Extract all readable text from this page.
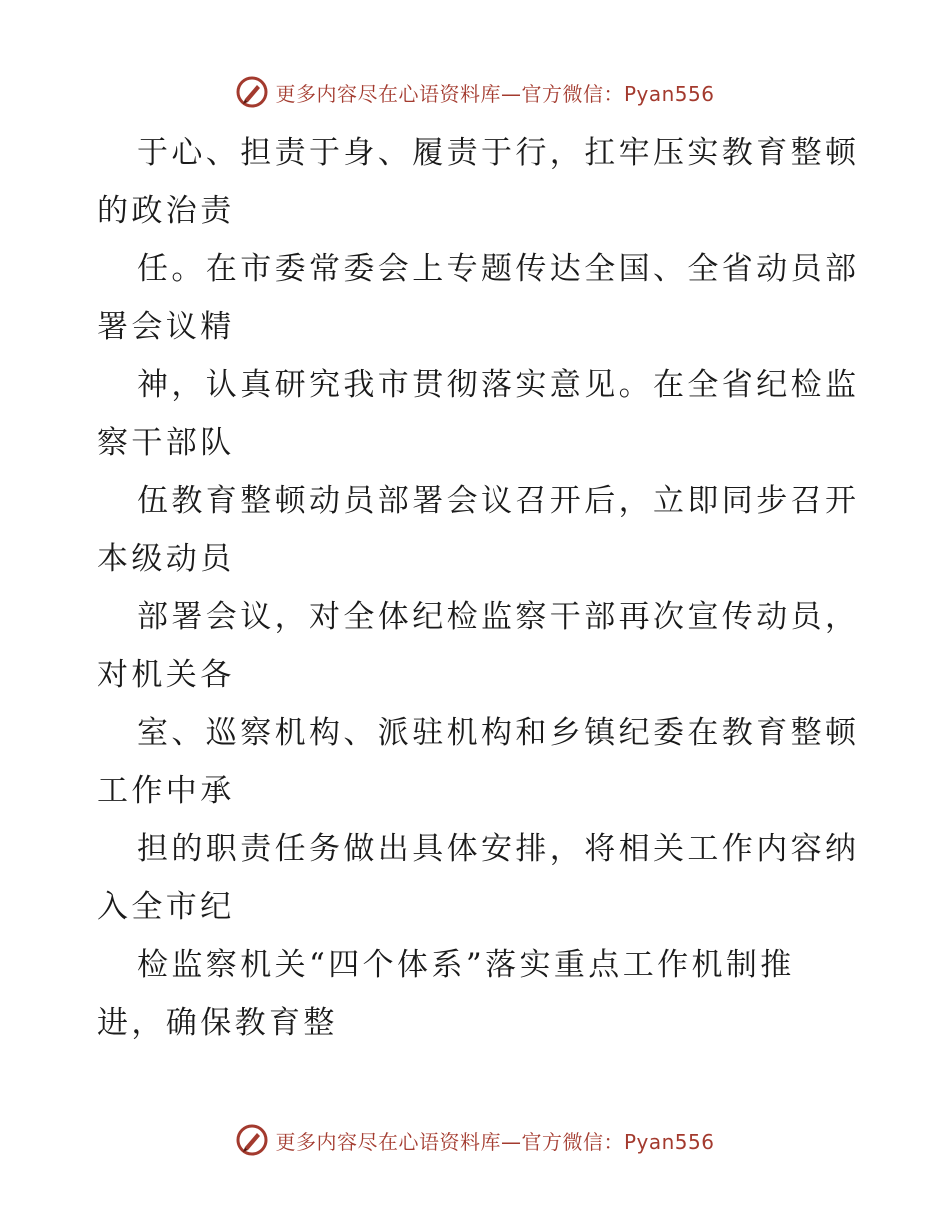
更多内容尽在心语资料库—官方微信：Pyan556
于心、担责于身、履责于行，扛牢压实教育整顿
的政治责
任。在市委常委会上专题传达全国、全省动员部
署会议精
神，认真研究我市贯彻落实意见。在全省纪检监
察干部队
伍教育整顿动员部署会议召开后，立即同步召开
本级动员
部署会议，对全体纪检监察干部再次宣传动员，
对机关各
室、巡察机构、派驻机构和乡镇纪委在教育整顿
工作中承
担的职责任务做出具体安排，将相关工作内容纳
入全市纪
检监察机关“四个体系”落实重点工作机制推
进，确保教育整
更多内容尽在心语资料库—官方微信：Pyan556
